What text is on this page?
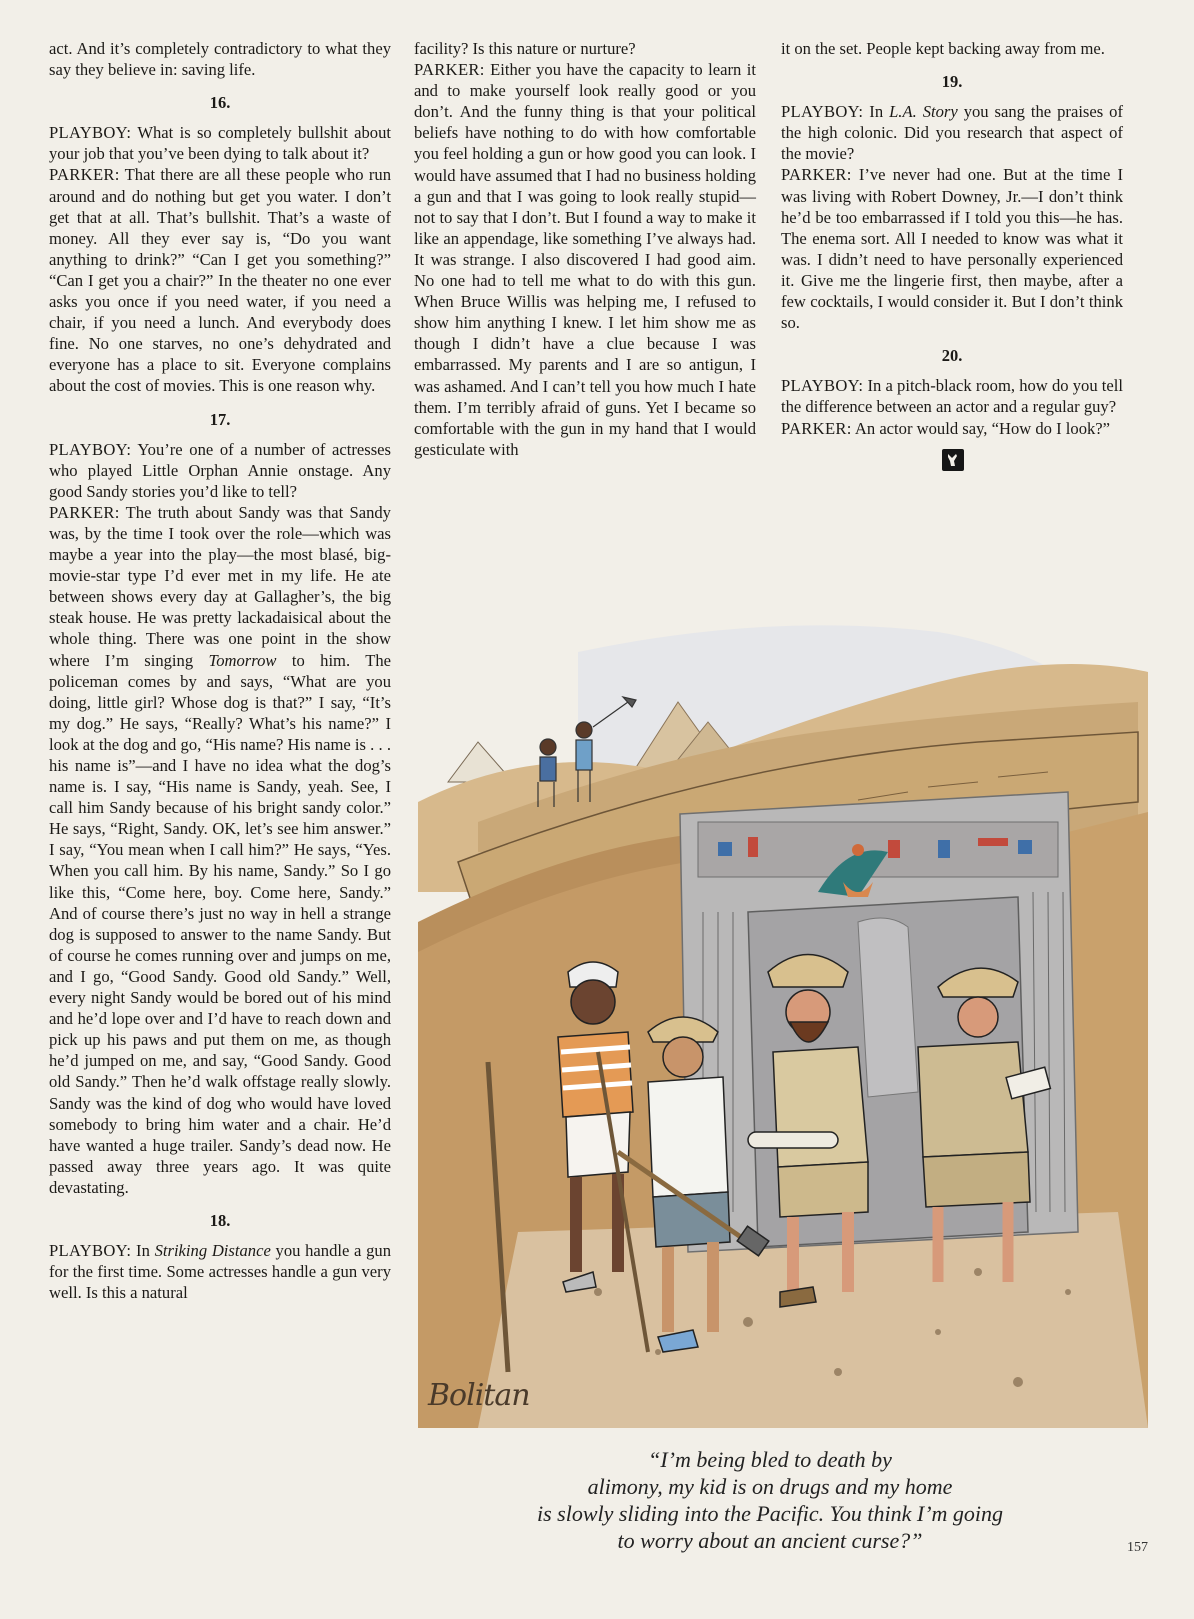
act. And it’s completely contradictory to what they say they believe in: saving life.

16.

PLAYBOY: What is so completely bullshit about your job that you’ve been dying to talk about it?

PARKER: That there are all these people who run around and do nothing but get you water. I don’t get that at all. That’s bullshit. That’s a waste of money. All they ever say is, “Do you want anything to drink?” “Can I get you something?” “Can I get you a chair?” In the theater no one ever asks you once if you need water, if you need a chair, if you need a lunch. And everybody does fine. No one starves, no one’s dehydrated and everyone has a place to sit. Everyone complains about the cost of movies. This is one reason why.

17.

PLAYBOY: You’re one of a number of actresses who played Little Orphan Annie onstage. Any good Sandy stories you’d like to tell?

PARKER: The truth about Sandy was that Sandy was, by the time I took over the role—which was maybe a year into the play—the most blasé, big-movie-star type I’d ever met in my life. He ate between shows every day at Gallagher’s, the big steak house. He was pretty lackadaisical about the whole thing. There was one point in the show where I’m singing Tomorrow to him. The policeman comes by and says, “What are you doing, little girl? Whose dog is that?” I say, “It’s my dog.” He says, “Really? What’s his name?” I look at the dog and go, “His name? His name is . . . his name is”—and I have no idea what the dog’s name is. I say, “His name is Sandy, yeah. See, I call him Sandy because of his bright sandy color.” He says, “Right, Sandy. OK, let’s see him answer.” I say, “You mean when I call him?” He says, “Yes. When you call him. By his name, Sandy.” So I go like this, “Come here, boy. Come here, Sandy.” And of course there’s just no way in hell a strange dog is supposed to answer to the name Sandy. But of course he comes running over and jumps on me, and I go, “Good Sandy. Good old Sandy.” Well, every night Sandy would be bored out of his mind and he’d lope over and I’d have to reach down and pick up his paws and put them on me, as though he’d jumped on me, and say, “Good Sandy. Good old Sandy.” Then he’d walk offstage really slowly. Sandy was the kind of dog who would have loved somebody to bring him water and a chair. He’d have wanted a huge trailer. Sandy’s dead now. He passed away three years ago. It was quite devastating.

18.

PLAYBOY: In Striking Distance you handle a gun for the first time. Some actresses handle a gun very well. Is this a natural

facility? Is this nature or nurture?

PARKER: Either you have the capacity to learn it and to make yourself look really good or you don’t. And the funny thing is that your political beliefs have nothing to do with how comfortable you feel holding a gun or how good you can look. I would have assumed that I had no business holding a gun and that I was going to look really stupid—not to say that I don’t. But I found a way to make it like an appendage, like something I’ve always had. It was strange. I also discovered I had good aim. No one had to tell me what to do with this gun. When Bruce Willis was helping me, I refused to show him anything I knew. I let him show me as though I didn’t have a clue because I was embarrassed. My parents and I are so antigun, I was ashamed. And I can’t tell you how much I hate them. I’m terribly afraid of guns. Yet I became so comfortable with the gun in my hand that I would gesticulate with

it on the set. People kept backing away from me.

19.

PLAYBOY: In L.A. Story you sang the praises of the high colonic. Did you research that aspect of the movie?

PARKER: I’ve never had one. But at the time I was living with Robert Downey, Jr.—I don’t think he’d be too embarrassed if I told you this—he has. The enema sort. All I needed to know was what it was. I didn’t need to have personally experienced it. Give me the lingerie first, then maybe, after a few cocktails, I would consider it. But I don’t think so.

20.

PLAYBOY: In a pitch-black room, how do you tell the difference between an actor and a regular guy?

PARKER: An actor would say, “How do I look?”

Bolitan
“I’m being bled to death by
alimony, my kid is on drugs and my home
is slowly sliding into the Pacific. You think I’m going
to worry about an ancient curse?”	157
